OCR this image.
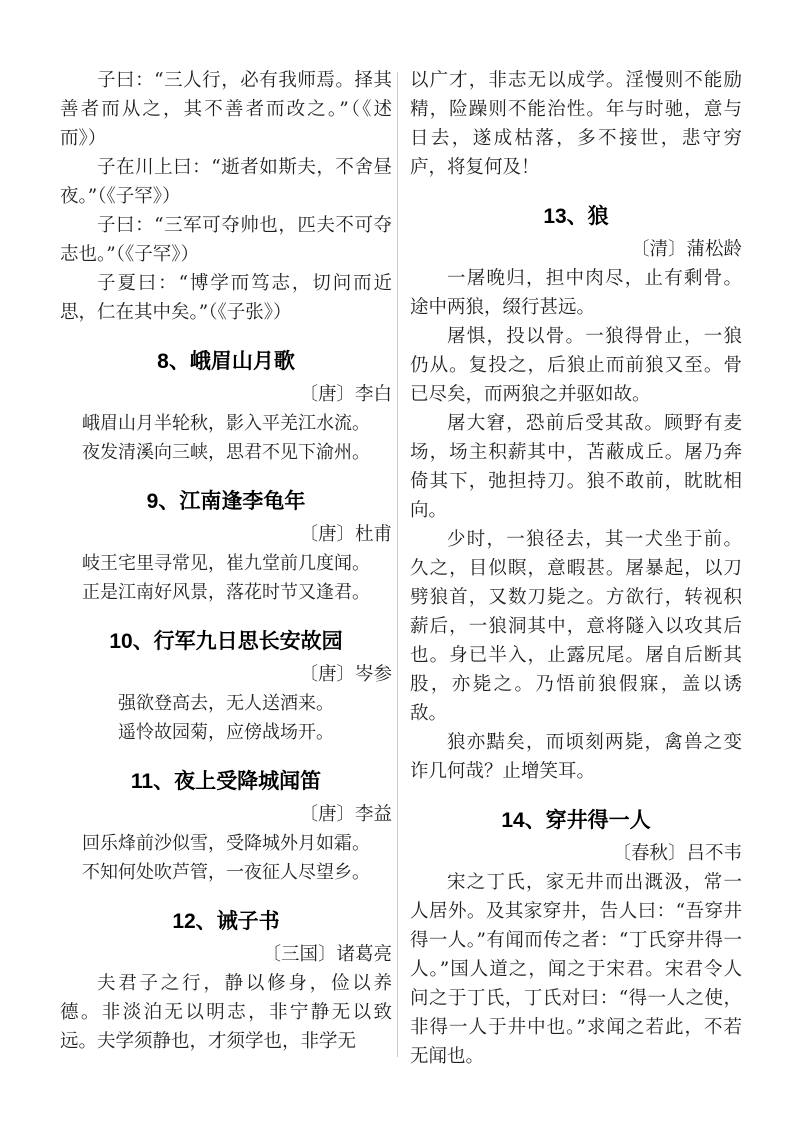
子曰：“三人行，必有我师焉。择其善者而从之，其不善者而改之。”（《述而》）

子在川上曰：“逝者如斯夫，不舍昼夜。”（《子罕》）

子曰：“三军可夺帅也，匹夫不可夺志也。”（《子罕》）

子夏曰：“博学而笃志，切问而近思，仁在其中矣。”（《子张》）

8、峨眉山月歌
〔唐〕李白
峨眉山月半轮秋，影入平羌江水流。
夜发清溪向三峡，思君不见下渝州。
9、江南逢李龟年
〔唐〕杜甫
岐王宅里寻常见，崔九堂前几度闻。
正是江南好风景，落花时节又逢君。
10、行军九日思长安故园
〔唐〕岑参
强欲登高去，无人送酒来。
遥怜故园菊，应傍战场开。
11、夜上受降城闻笛
〔唐〕李益
回乐烽前沙似雪，受降城外月如霜。
不知何处吹芦管，一夜征人尽望乡。
12、诫子书
〔三国〕诸葛亮

夫君子之行，静以修身，俭以养德。非淡泊无以明志，非宁静无以致远。夫学须静也，才须学也，非学无

以广才，非志无以成学。淫慢则不能励精，险躁则不能治性。年与时驰，意与日去，遂成枯落，多不接世，悲守穷庐，将复何及！

13、狼
〔清〕蒲松龄

一屠晚归，担中肉尽，止有剩骨。途中两狼，缀行甚远。

屠惧，投以骨。一狼得骨止，一狼仍从。复投之，后狼止而前狼又至。骨已尽矣，而两狼之并驱如故。

屠大窘，恐前后受其敌。顾野有麦场，场主积薪其中，苫蔽成丘。屠乃奔倚其下，弛担持刀。狼不敢前，眈眈相向。

少时，一狼径去，其一犬坐于前。久之，目似瞑，意暇甚。屠暴起，以刀劈狼首，又数刀毙之。方欲行，转视积薪后，一狼洞其中，意将隧入以攻其后也。身已半入，止露尻尾。屠自后断其股，亦毙之。乃悟前狼假寐，盖以诱敌。

狼亦黠矣，而顷刻两毙，禽兽之变诈几何哉？止增笑耳。

14、穿井得一人
〔春秋〕吕不韦

宋之丁氏，家无井而出溉汲，常一人居外。及其家穿井，告人曰：“吾穿井得一人。”有闻而传之者：“丁氏穿井得一人。”国人道之，闻之于宋君。宋君令人问之于丁氏，丁氏对曰：“得一人之使，非得一人于井中也。”求闻之若此，不若无闻也。
